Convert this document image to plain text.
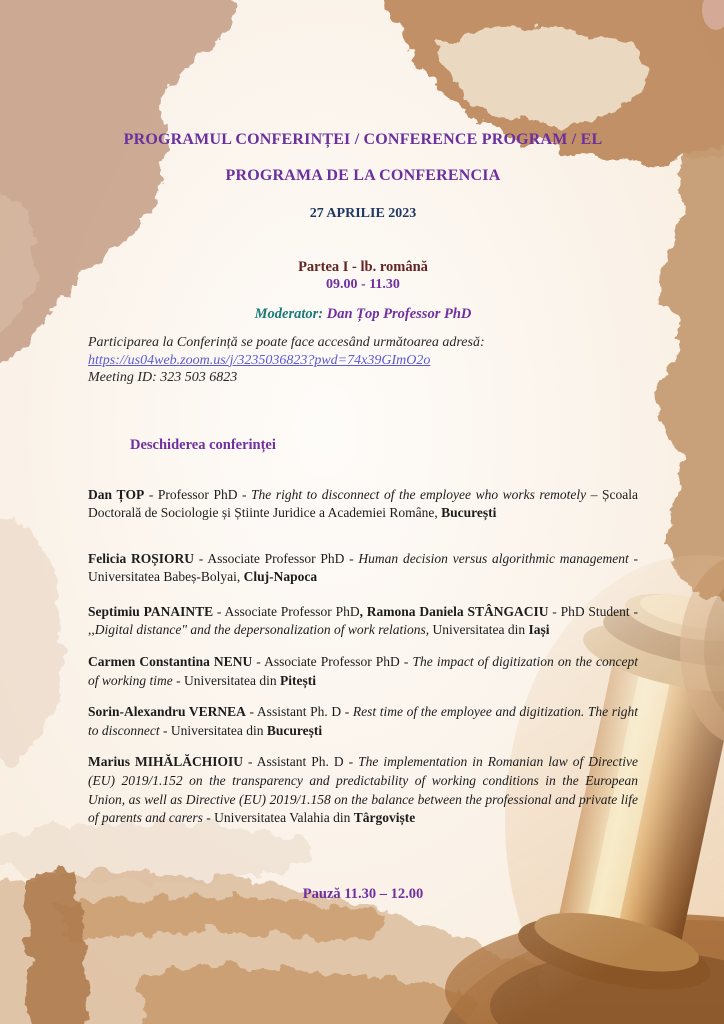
PROGRAMUL CONFERINȚEI / CONFERENCE PROGRAM / EL
PROGRAMA DE LA CONFERENCIA
27 APRILIE 2023
Partea I - lb. română
09.00 - 11.30
Moderator: Dan Țop Professor PhD
Participarea la Conferință se poate face accesând următoarea adresă:
https://us04web.zoom.us/j/3235036823?pwd=74x39GImO2o
Meeting ID: 323 503 6823
Deschiderea conferinței

Dan ȚOP - Professor PhD - The right to disconnect of the employee who works remotely – Școala Doctorală de Sociologie și Știinte Juridice a Academiei Române, București

Felicia ROȘIORU - Associate Professor PhD - Human decision versus algorithmic management - Universitatea Babeș-Bolyai, Cluj-Napoca

Septimiu PANAINTE - Associate Professor PhD, Ramona Daniela STÂNGACIU - PhD Student - ,,Digital distance" and the depersonalization of work relations, Universitatea din Iași

Carmen Constantina NENU - Associate Professor PhD - The impact of digitization on the concept of working time - Universitatea din Pitești

Sorin-Alexandru VERNEA - Assistant Ph. D - Rest time of the employee and digitization. The right to disconnect - Universitatea din București

Marius MIHĂLĂCHIOIU - Assistant Ph. D - The implementation in Romanian law of Directive (EU) 2019/1.152 on the transparency and predictability of working conditions in the European Union, as well as Directive (EU) 2019/1.158 on the balance between the professional and private life of parents and carers - Universitatea Valahia din Târgoviște

Pauză 11.30 – 12.00
